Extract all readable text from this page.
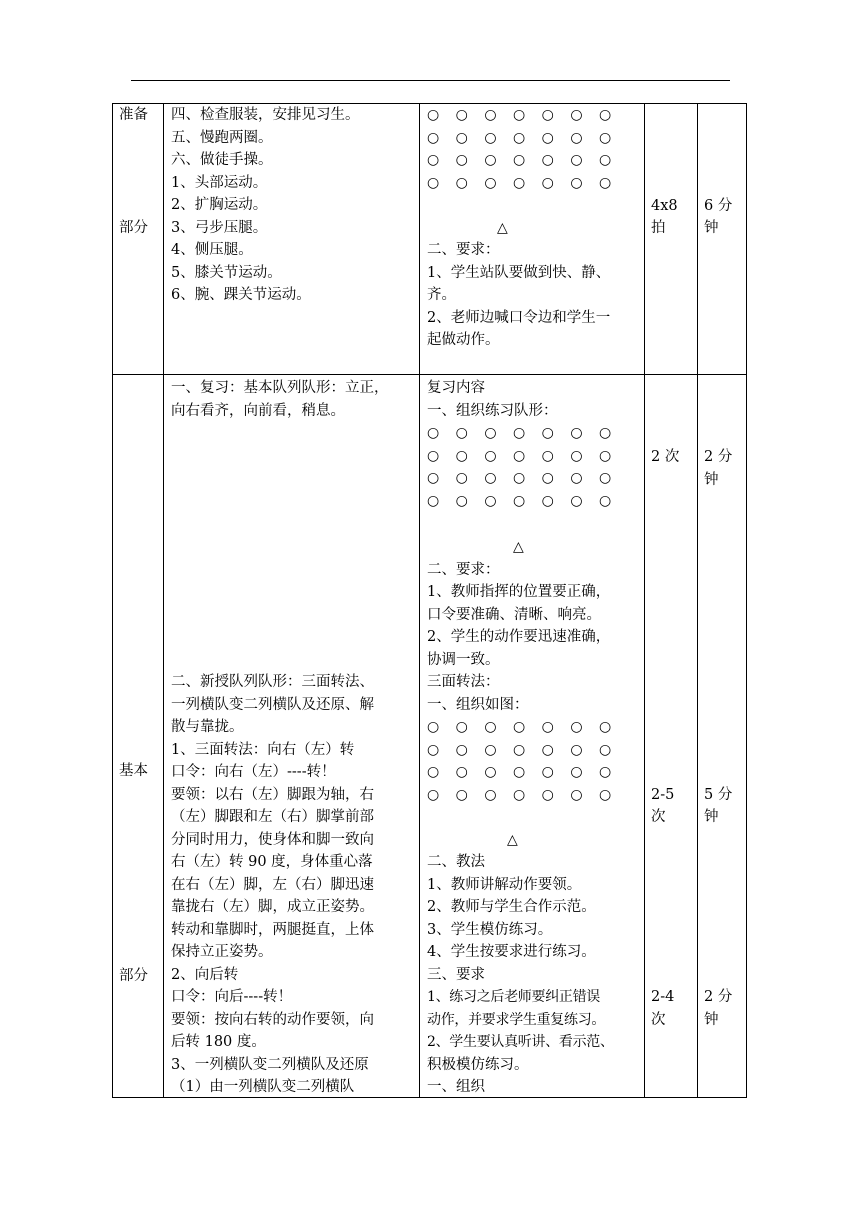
准备
部分
四、检查服装，安排见习生。
五、慢跑两圈。
六、做徒手操。
1、头部运动。
2、扩胸运动。
3、弓步压腿。
4、侧压腿。
5、膝关节运动。
6、腕、踝关节运动。
○ ○ ○ ○ ○ ○ ○
○ ○ ○ ○ ○ ○ ○
○ ○ ○ ○ ○ ○ ○
○ ○ ○ ○ ○ ○ ○
△
二、要求：
1、学生站队要做到快、静、
齐。
2、老师边喊口令边和学生一
起做动作。
4x8
拍
6 分
钟
基本
部分
一、复习：基本队列队形：立正，
向右看齐，向前看，稍息。
二、新授队列队形：三面转法、
一列横队变二列横队及还原、解
散与靠拢。
1、三面转法：向右（左）转
口令：向右（左）----转！
要领：以右（左）脚跟为轴，右
（左）脚跟和左（右）脚掌前部
分同时用力，使身体和脚一致向
右（左）转 90 度，身体重心落
在右（左）脚，左（右）脚迅速
靠拢右（左）脚，成立正姿势。
转动和靠脚时，两腿挺直，上体
保持立正姿势。
2、向后转
口令：向后----转！
要领：按向右转的动作要领，向
后转 180 度。
3、一列横队变二列横队及还原
（1）由一列横队变二列横队
复习内容
一、组织练习队形：
○ ○ ○ ○ ○ ○ ○
○ ○ ○ ○ ○ ○ ○
○ ○ ○ ○ ○ ○ ○
○ ○ ○ ○ ○ ○ ○
△
二、要求：
1、教师指挥的位置要正确，
口令要准确、清晰、响亮。
2、学生的动作要迅速准确，
协调一致。
三面转法：
一、组织如图：
○ ○ ○ ○ ○ ○ ○
○ ○ ○ ○ ○ ○ ○
○ ○ ○ ○ ○ ○ ○
○ ○ ○ ○ ○ ○ ○
△
二、教法
1、教师讲解动作要领。
2、教师与学生合作示范。
3、学生模仿练习。
4、学生按要求进行练习。
三、要求
1、练习之后老师要纠正错误
动作，并要求学生重复练习。
2、学生要认真听讲、看示范、
积极模仿练习。
一、组织
2 次 2 分
钟
2-5
次
5 分
钟
2-4
次
2 分
钟
